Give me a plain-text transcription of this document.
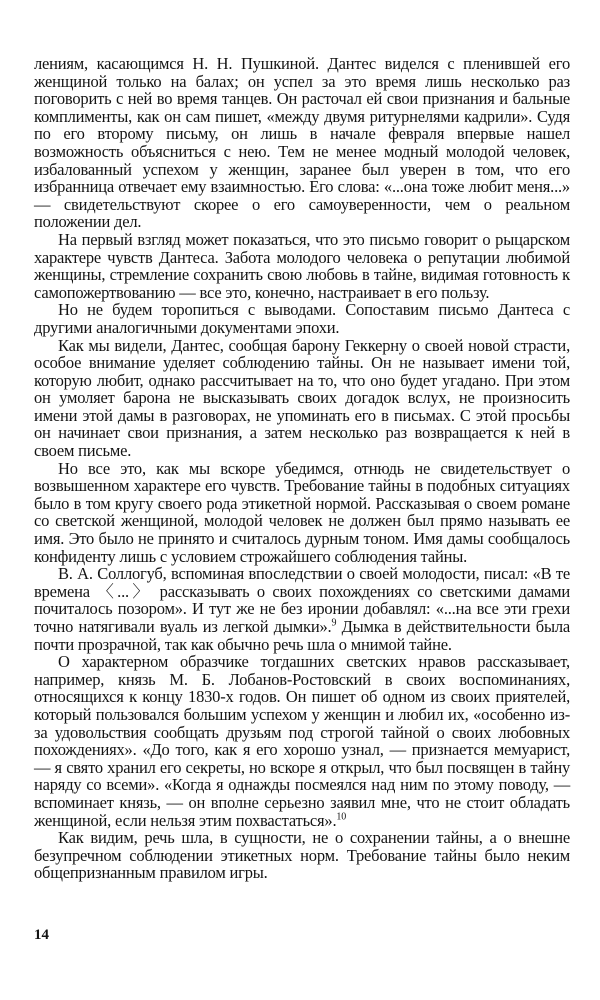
лениям, касающимся Н. Н. Пушкиной. Дантес виделся с пленившей его женщиной только на балах; он успел за это время лишь несколько раз поговорить с ней во время танцев. Он расточал ей свои признания и бальные комплименты, как он сам пишет, «между двумя ритурнелями кадрили». Судя по его второму письму, он лишь в начале февраля впервые нашел возможность объясниться с нею. Тем не менее модный молодой человек, избалованный успехом у женщин, заранее был уверен в том, что его избранница отвечает ему взаимностью. Его слова: «...она тоже любит меня...» — свидетельствуют скорее о его самоуверенности, чем о реальном положении дел.

На первый взгляд может показаться, что это письмо говорит о рыцарском характере чувств Дантеса. Забота молодого человека о репутации любимой женщины, стремление сохранить свою любовь в тайне, видимая готовность к самопожертвованию — все это, конечно, настраивает в его пользу.

Но не будем торопиться с выводами. Сопоставим письмо Дантеса с другими аналогичными документами эпохи.

Как мы видели, Дантес, сообщая барону Геккерну о своей новой страсти, особое внимание уделяет соблюдению тайны. Он не называет имени той, которую любит, однако рассчитывает на то, что оно будет угадано. При этом он умоляет барона не высказывать своих догадок вслух, не произносить имени этой дамы в разговорах, не упоминать его в письмах. С этой просьбы он начинает свои признания, а затем несколько раз возвращается к ней в своем письме.

Но все это, как мы вскоре убедимся, отнюдь не свидетельствует о возвышенном характере его чувств. Требование тайны в подобных ситуациях было в том кругу своего рода этикетной нормой. Рассказывая о своем романе со светской женщиной, молодой человек не должен был прямо называть ее имя. Это было не принято и считалось дурным тоном. Имя дамы сообщалось конфиденту лишь с условием строжайшего соблюдения тайны.

В. А. Соллогуб, вспоминая впоследствии о своей молодости, писал: «В те времена 〈...〉 рассказывать о своих похождениях со светскими дамами почиталось позором». И тут же не без иронии добавлял: «...на все эти грехи точно натягивали вуаль из легкой дымки».$^9$ Дымка в действительности была почти прозрачной, так как обычно речь шла о мнимой тайне.

О характерном образчике тогдашних светских нравов рассказывает, например, князь М. Б. Лобанов-Ростовский в своих воспоминаниях, относящихся к концу 1830-х годов. Он пишет об одном из своих приятелей, который пользовался большим успехом у женщин и любил их, «особенно из-за удовольствия сообщать друзьям под строгой тайной о своих любовных похождениях». «До того, как я его хорошо узнал, — признается мемуарист, — я свято хранил его секреты, но вскоре я открыл, что был посвящен в тайну наряду со всеми». «Когда я однажды посмеялся над ним по этому поводу, — вспоминает князь, — он вполне серьезно заявил мне, что не стоит обладать женщиной, если нельзя этим похвастаться».$^{10}$

Как видим, речь шла, в сущности, не о сохранении тайны, а о внешне безупречном соблюдении этикетных норм. Требование тайны было неким общепризнанным правилом игры.

14
